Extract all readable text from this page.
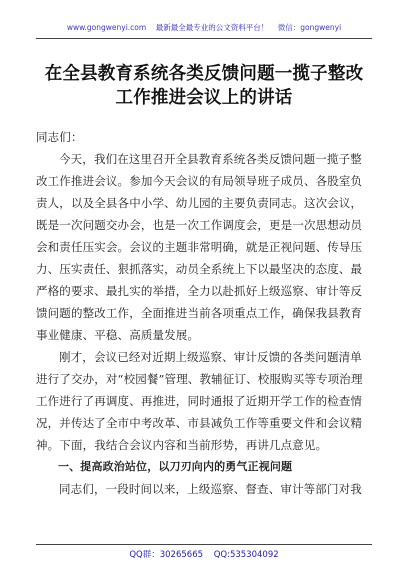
www.gongwenyi.com 最新最全最专业的公文资料平台！ 微信：gongwenyi
在全县教育系统各类反馈问题一揽子整改
工作推进会议上的讲话

同志们：

今天，我们在这里召开全县教育系统各类反馈问题一揽子整改工作推进会议。参加今天会议的有局领导班子成员、各股室负责人，以及全县各中小学、幼儿园的主要负责同志。这次会议，既是一次问题交办会，也是一次工作调度会，更是一次思想动员会和责任压实会。会议的主题非常明确，就是正视问题、传导压力、压实责任、狠抓落实，动员全系统上下以最坚决的态度、最严格的要求、最扎实的举措，全力以赴抓好上级巡察、审计等反馈问题的整改工作，全面推进当前各项重点工作，确保我县教育事业健康、平稳、高质量发展。

刚才，会议已经对近期上级巡察、审计反馈的各类问题清单进行了交办，对“校园餐”管理、教辅征订、校服购买等专项治理工作进行了再调度、再推进，同时通报了近期开学工作的检查情况，并传达了全市中考改革、市县减负工作等重要文件和会议精神。下面，我结合会议内容和当前形势，再讲几点意见。

一、提高政治站位，以刀刃向内的勇气正视问题

同志们，一段时间以来，上级巡察、督查、审计等部门对我

QQ群：30265665 QQ:535304092
